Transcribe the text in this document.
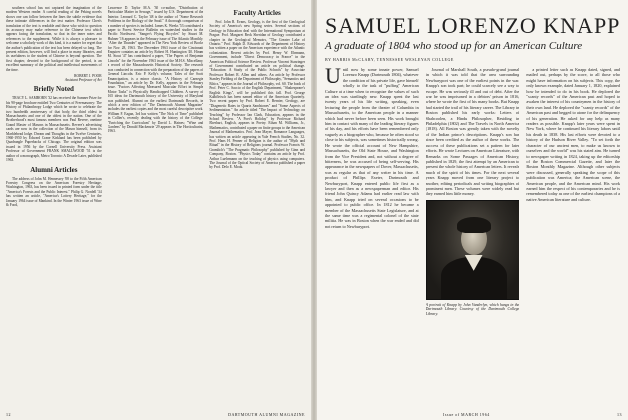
southern school has not captured the imagination of the modern Western reader. A careful reading of the Peking novels shows one can follow between the lines the subtle evidence that these intimate differences in the text matter. Professor Chen's translation of the text is readable and those who wish to question its accuracy may make reference to the Chinese text which appears facing the translation, so that in the inner notes and references to the supplement. While it is always a pleasure to welcome a scholarly work of this kind, it is a matter for regret that the author's publication of the text has been delayed so long. The present edition, however, will find a place in many libraries, and its usefulness to the student of Chinese is beyond question. The first chapter, devoted to the background of the period, is an excellent summary of the political and intellectual movements of the time.

ROBERT J. POOR
Assistant Professor of Art
Briefly Noted

TRACY L. SAMBORN '32 has received the Sumner Prize for his 90-page brochure entitled Two Centuries of Freemasonry: The History of Philanthropy Lodge which he wrote to celebrate the two hundredth anniversary of that body, the third oldest in Massachusetts and one of the oldest in the nation. One of the Brotherhood's most famous members was Paul Revere, onetime Grand Master of Masons in Massachusetts. Revere's advertising cards are now in the collection of the Mason himself, from its Marblehead lodge. Dream and Thoughts in the Twelve Centuries, 1960-1950 by Edward Crane Kirkland has been published by Quadrangle Paperbacks of Chicago. The original edition was issued in 1956 by the Cornell University Press. Assistant Professor of Government FRANK SMALLWOOD '51 is the author of a monograph, Metro Toronto: A Decade Later, published 1963.

Alumni Articles

The address of John M. Hennessey '08 to the Fifth American Forestry Congress on the American Forestry Heritage, Washington, 1963, has been issued in printed form under the title "America's Forests and the Public Interest." Philip G. Nordell '34 has written an article, "America's Lottery Heritage," for the January 1964 issue of Mankind. In the Winter 1963 issue of Wine & Food,

Lawrence D. Taylor M.A. '30 co-author, "Distribution of Particulate Matter in Sewage," issued by U.S. Department of the Interior. Leonard C. Taylor '48 is the author of "Some Research Problems in the Biology of the Snail." A thorough comparison of a number of species is included. James K. Weeks '53 contributed a paper to Forest Service Bulletin on watershed studies in the Pacific Northwest. "Sanger's Flying Bicycles" by Stuart M. Hubner '16 appears in the February issue of The Atlantic Monthly. "After the Thunder" appeared in The New York Review of Books for Nov. 28, 1963. The December 1963 issue of the Cincinnati Enquirer contains an article by Robert H. Huntington '40. Hiram M. Stout '47 has contributed a paper, "The Papers of Benjamin Lincoln" for the November 1963 issue of the M.H.S. Miscellany, a record of the Massachusetts Historical Society. The research was conducted in connection with the preparation of the papers of General Lincoln. Eric P. Kelly's volume, Tales of the Scott Emancipation, is a minor classic. "A History of Carnegie Foundation," an article by Dr. Kelly, appears in the February issue. "Factors Affecting Measured Muscular Effort in Simple Motor Tasks" is Physically Handicapped Children. A survey of 165 ideas for Dartmouth history of the University of Maryland was published. Alumni on the earliest Dartmouth Records, in which a new edition of "The Dartmouth Alumni Magazine" includes the earliest copies and the most careful descriptive work. William F. Eagan, 3rd has written "The Nick of Time" published in Collier's, recently dealing with the history of the College. "Enriching the Curriculum" by David L. Haines; "Wine and Gardens" by Donald Mackenzie '29 appears in The Horticulturist, 1963.

Faculty Articles

Prof. John R. Evans, Geology, is the first of the Geological Society of America's new Spring series. Several sections of Geology in Education deal with the International Symposium at Prague. Prof. Margaret Beck Sheridan of Geology contributed a chapter in the Geological Memoirs, "The Greater Lake of Ontario." Prof. Ralph D. Edwards of the Department of History has written a paper on the American experience with the Atlantic colonization. Recent articles by Prof. Henry W. Ehrmann, Government, include "Direct Democracy in France" in the American Political Science Review. Professor Vincent Starzinger of Government contributed an article on political change. "Education: A Study of the Public Schools" by Associate Professor Robert R. Allen and others. An article by Professor Stanley Fielding of the Department of Philosophy, "Semantics and Ethics," appears in the Journal of Philosophy, vol. 60. The book of Prof. Peter C. Saccio of the English Department, "Shakespeare's English Kings", will be published this fall. Prof. George Kalbfleisch has been named editor of the American Quarterly. Two recent papers by Prof. Robert E. Bernier, Geology, are "Diagenetic Rates in Quartz Sandstones" and "Some Aspects of Sedimentation." An article titled "The Impact of Technology on Teaching" by Professor Ian Clark, Education, appears in the School Review. "A Poet's Holiday" by Professor Richard Eberhart, English, appears in Poetry. Ethan M. Williams, Jr., Mathematics, contributed a paper on finite groups to the American Journal of Mathematics. Prof. Jean Mayer, Romance Languages, has written an article appearing in Yale French Studies, No. 32. Prof. Hans H. Penner of Religion is the author of "Myth and Ritual" in the History of Religions journal. Professor Francis W. Gramlich's "The Pragmatic Philosophy" published by Ginn and Company, Boston. "Physics Today" contains an article by Prof. Arthur Luehrmann on the teaching of physics using computers. The Journal of the Optical Society of America published a paper by Prof. Delo E. Mook.

12	DARTMOUTH ALUMNI MAGAZINE
SAMUEL LORENZO KNAPP
A graduate of 1804 who stood up for an American Culture
BY HARRIS McCLARY, TENNESSEE WESLEYAN COLLEGE
U ntil now by some innate power, Samuel Lorenzo Knapp (Dartmouth 1804), whatever the condition of his private life, gave himself wholly to the task of "puffing" American Culture at a time when to recognize the values of such an idea was startlingly new. Knapp spent the last twenty years of his life writing, speaking, even lecturing the people from the theater of Columbia in Massachusetts, to the American people in a manner which had never before been seen. His work brought him in contact with many of the leading literary figures of his day, and his efforts have been remembered only vaguely as a biographer who, because he often stood so close to his subjects, was sometimes historically wrong. He wrote the official account of New Hampshire, Massachusetts, the Old State House, and Washington from the Vice President and, not without a degree of bitterness, he was accused of being self-serving. His appearance in the newspapers of Dover, Massachusetts, was as regular as that of any writer in his time. A product of Phillips Exeter, Dartmouth and Newburyport, Knapp entered public life first as a lawyer and then as a newspaperman and editor. His friend John Quincy Adams had earlier read law with him, and Knapp tried on several occasions to be appointed to public office. In 1812 he became a member of the Massachusetts State Legislature, and at the same time was a regimental colonel of the state militia. He was in Boston when the war ended and did not return to Newburyport.

Journal of Marshall South, a pseudo-grand journal in which it was told that the area surrounding Newburyport was one of the earliest points in the war. Knapp's son took part; he could scarcely see a way to escape. He was seriously ill and out of debt. After the war he was imprisoned in a debtors' prison in 1816, where he wrote the first of his many books. But Knapp had started the trail of his literary career. The Library in Boston published his early works: Letters of Shahcoolen, a Hindu Philosopher, Residing in Philadelphia (1802) and The Travels in North America (1818). All Boston was greatly taken with the novelty of the Indian prince's descriptions. Knapp's son has since been credited as the author of these works. The success of these publications set a pattern for later efforts. He wrote Lectures on American Literature, with Remarks on Some Passages of American History, published in 1829, the first attempt by an American to present the whole history of American letters. It reveals much of the spirit of his times. For the next several years Knapp moved from one literary project to another, editing periodicals and writing biographies of prominent men. These volumes were widely read but they earned him little money.

A portrait of Knapp by John Vanderlyn, which hangs in the Dartmouth Library. Courtesy of the Dartmouth College Library.

a printed letter such as Knapp dated, signed, and mailed out, perhaps by the score, to all those who might have information on his subjects. This copy, the only known example, dated January 1, 1820, explained how he intended to do in his book. He deplored the "scanty records" of the American past and hoped to awaken the interest of his countrymen in the history of their own land. He deplored the "scanty records" of the American past and begged to atone for the delinquency of his generation. He asked for any help as many readers as possible. Knapp's later years were spent in New York, where he continued his literary labors until his death in 1838. His last efforts were devoted to a history of the Hudson River Valley. "To set forth the character of our ancient men, to make us known to ourselves and the world" was his stated aim. He turned to newspaper writing in 1824, taking up the editorship of the Boston Commercial Gazette, and later the Boston Monthly Magazine. Although other subjects were discussed, generally speaking the scope of this publication was America; the American scene, the American people, and the American mind. His work earned him the respect of his contemporaries and he is remembered today as one of the earliest champions of a native American literature and culture.

Issue of MARCH 1964	13
